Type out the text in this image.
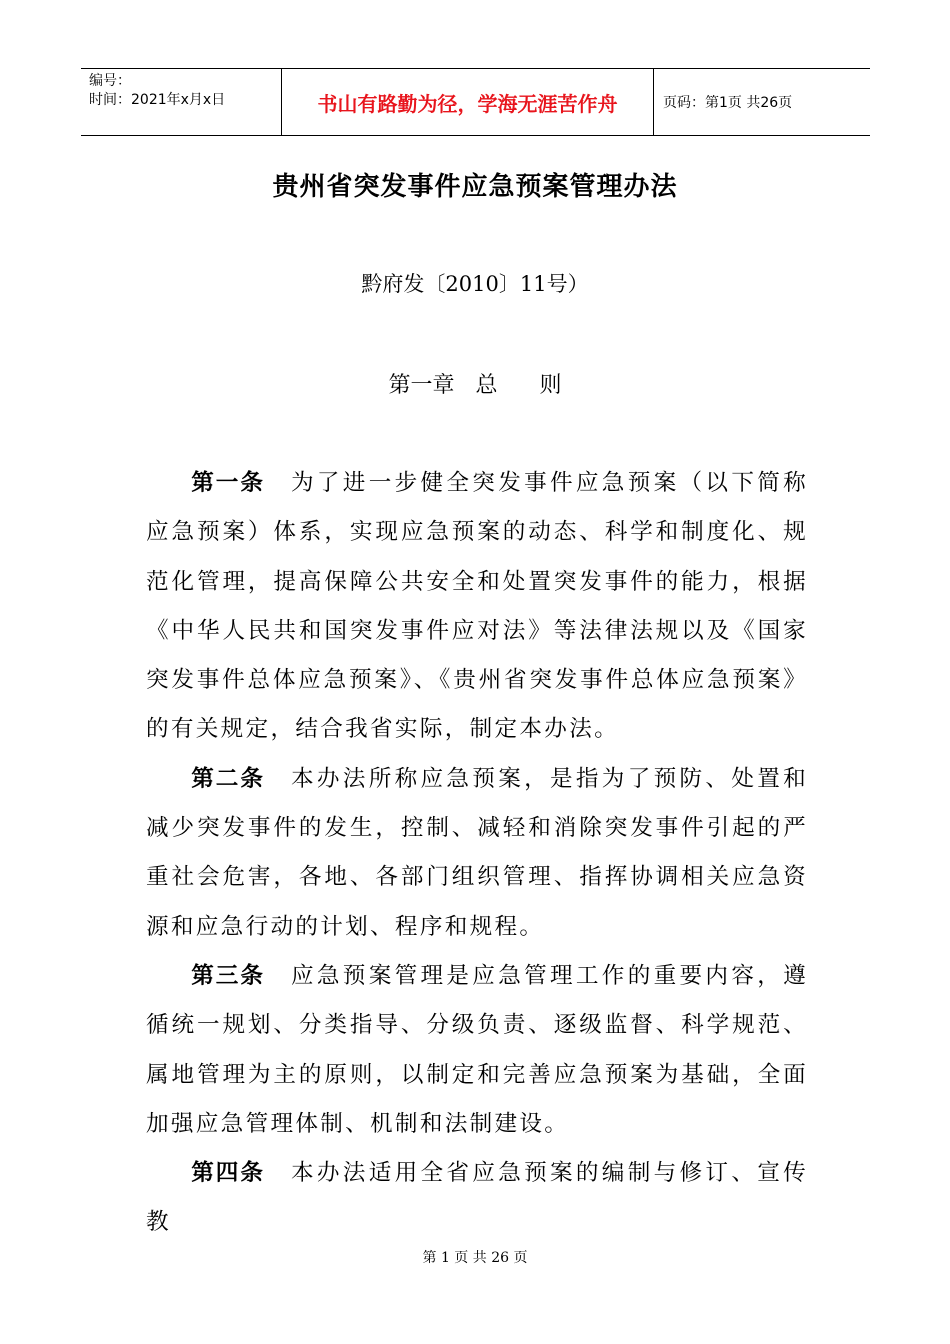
编号：
时间：2021年x月x日	书山有路勤为径，学海无涯苦作舟	页码：第1页 共26页
贵州省突发事件应急预案管理办法
黔府发〔2010〕11号）
第一章   总      则

第一条 为了进一步健全突发事件应急预案（以下简称应急预案）体系，实现应急预案的动态、科学和制度化、规范化管理，提高保障公共安全和处置突发事件的能力，根据《中华人民共和国突发事件应对法》等法律法规以及《国家突发事件总体应急预案》、《贵州省突发事件总体应急预案》的有关规定，结合我省实际，制定本办法。

第二条 本办法所称应急预案，是指为了预防、处置和减少突发事件的发生，控制、减轻和消除突发事件引起的严重社会危害，各地、各部门组织管理、指挥协调相关应急资源和应急行动的计划、程序和规程。

第三条 应急预案管理是应急管理工作的重要内容，遵循统一规划、分类指导、分级负责、逐级监督、科学规范、属地管理为主的原则，以制定和完善应急预案为基础，全面加强应急管理体制、机制和法制建设。

第四条 本办法适用全省应急预案的编制与修订、宣传教

第 1 页 共 26 页
